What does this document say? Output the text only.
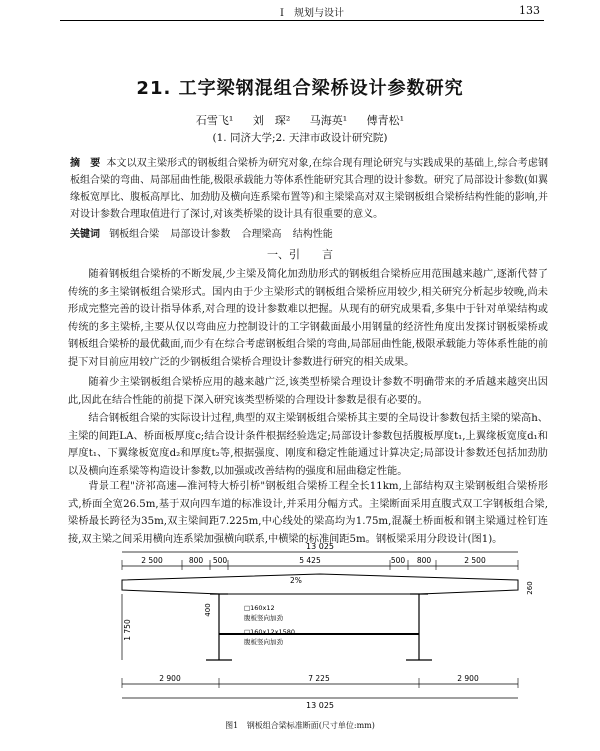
Ⅰ　规划与设计	133
21. 工字梁钢混组合梁桥设计参数研究
石雪飞¹ 刘　琛² 马海英¹ 傅青松¹
(1. 同济大学;2. 天津市政设计研究院)
摘　要 本文以双主梁形式的钢板组合梁桥为研究对象,在综合现有理论研究与实践成果的基础上,综合考虑钢板组合梁的弯曲、局部屈曲性能,极限承载能力等体系性能研究其合理的设计参数。研究了局部设计参数(如翼缘板宽厚比、腹板高厚比、加劲肋及横向连系梁布置等)和主梁梁高对双主梁钢板组合梁桥结构性能的影响,并对设计参数合理取值进行了深讨,对该类桥梁的设计具有很重要的意义。
关键词 钢板组合梁 局部设计参数 合理梁高 结构性能
一、引　　言
随着钢板组合梁桥的不断发展,少主梁及简化加劲肋形式的钢板组合梁桥应用范围越来越广,逐渐代替了传统的多主梁钢板组合梁形式。国内由于少主梁形式的钢板组合梁桥应用较少,相关研究分析起步较晚,尚未形成完整完善的设计指导体系,对合理的设计参数难以把握。从现有的研究成果看,多集中于针对单梁结构或传统的多主梁桥,主要从仅以弯曲应力控制设计的工字钢截面最小用钢量的经济性角度出发探讨钢板梁桥或钢板组合梁桥的最优截面,而少有在综合考虑钢板组合梁的弯曲,局部屈曲性能,极限承载能力等体系性能的前提下对目前应用较广泛的少钢板组合梁桥合理设计参数进行研究的相关成果。
随着少主梁钢板组合梁桥应用的越来越广泛,该类型桥梁合理设计参数不明确带来的矛盾越来越突出因此,因此在结合性能的前提下深入研究该类型桥梁的合理设计参数是很有必要的。
结合钢板组合梁的实际设计过程,典型的双主梁钢板组合梁桥其主要的全局设计参数包括主梁的梁高h、主梁的间距LA、桥面板厚度c;结合设计条件根据经验选定;局部设计参数包括腹板厚度t₁,上翼缘板宽度d₁和厚度t₁、下翼缘板宽度d₂和厚度t₂等,根据强度、刚度和稳定性能通过计算决定;局部设计参数还包括加劲肋以及横向连系梁等构造设计参数,以加强或改善结构的强度和屈曲稳定性能。
背景工程"济祁高速—淮河特大桥引桥"钢板组合梁桥工程全长11km,上部结构双主梁钢板组合梁桥形式,桥面全宽26.5m,基于双向四车道的标准设计,并采用分幅方式。主梁断面采用直腹式双工字钢板组合梁,梁桥最长跨径为35m,双主梁间距7.225m,中心线处的梁高均为1.75m,混凝土桥面板和钢主梁通过栓钉连接,双主梁之间采用横向连系梁加强横向联系,中横梁的标准间距5m。钢板梁采用分段设计(图1)。
13 025
2 500	800 500	5 425	500 800	2 500
2%
260
400
1 750
□160x12
腹板竖向加劲
□160x12x1580
腹板竖向加劲
2 900	7 225	2 900
13 025
图1 钢板组合梁标准断面(尺寸单位:mm)
